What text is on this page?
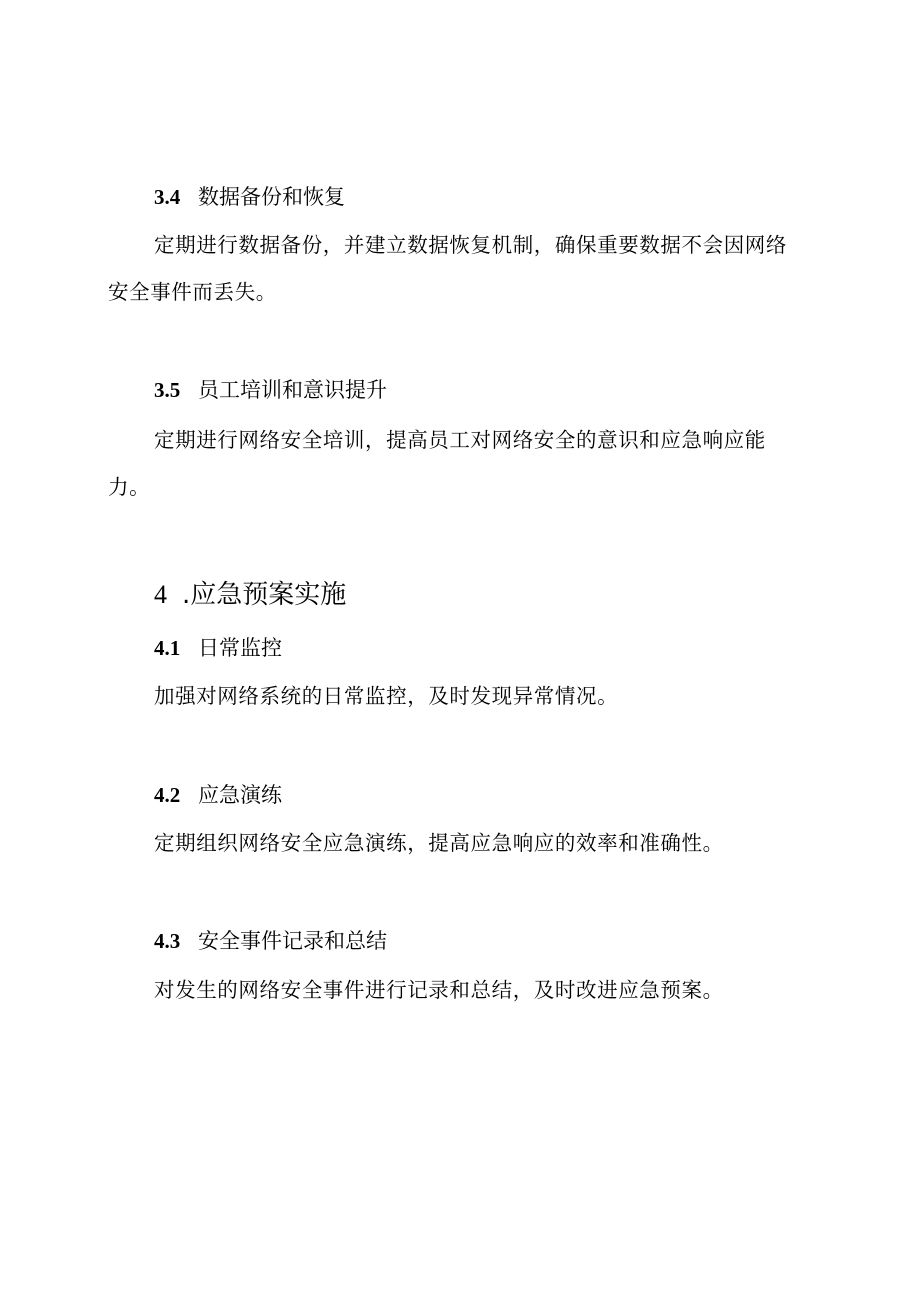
3.4 数据备份和恢复
定期进行数据备份，并建立数据恢复机制，确保重要数据不会因网络安全事件而丢失。
3.5 员工培训和意识提升
定期进行网络安全培训，提高员工对网络安全的意识和应急响应能力。
4 .应急预案实施
4.1 日常监控
加强对网络系统的日常监控，及时发现异常情况。
4.2 应急演练
定期组织网络安全应急演练，提高应急响应的效率和准确性。
4.3 安全事件记录和总结
对发生的网络安全事件进行记录和总结，及时改进应急预案。
